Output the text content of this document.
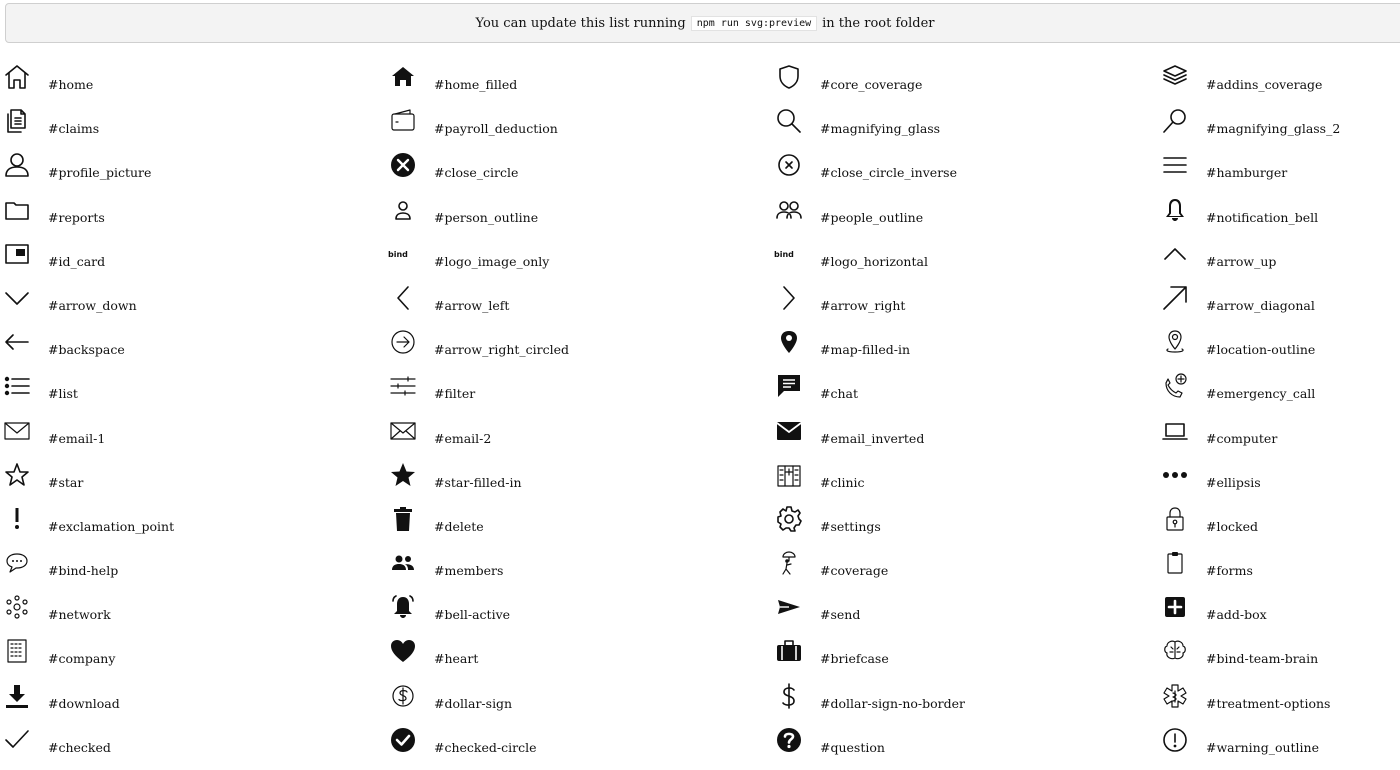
You can update this list running	npm run svg:preview in the root folder
#home	#home_filled	#core_coverage	#addins_coverage
#claims	#payroll_deduction	#magnifying_glass	#magnifying_glass_2
#profile_picture	#close_circle	#close_circle_inverse	#hamburger
#reports	#person_outline	#people_outline	#notification_bell
#id_card	bind #logo_image_only	bind #logo_horizontal	#arrow_up
#arrow_down	#arrow_left	#arrow_right	#arrow_diagonal
#backspace	#arrow_right_circled	#map-filled-in	#location-outline
#list	#filter	#chat	#emergency_call
#email-1	#email-2	#email_inverted	#computer
#star	#star-filled-in	#clinic	#ellipsis
#exclamation_point	#delete	#settings	#locked
#bind-help	#members	#coverage	#forms
#network	#bell-active	#send	#add-box
#company	#heart	#briefcase	#bind-team-brain
#download	#dollar-sign	#dollar-sign-no-border	#treatment-options
#checked	#checked-circle	#question	#warning_outline
